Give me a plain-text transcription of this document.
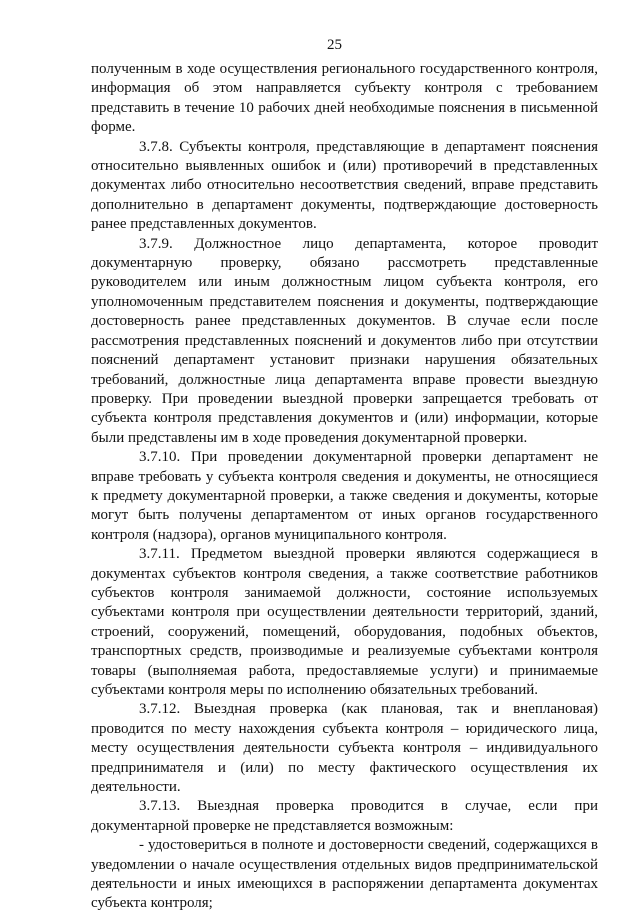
25

полученным в ходе осуществления регионального государственного контроля, информация об этом направляется субъекту контроля с требованием представить в течение 10 рабочих дней необходимые пояснения в письменной форме.

3.7.8. Субъекты контроля, представляющие в департамент пояснения относительно выявленных ошибок и (или) противоречий в представленных документах либо относительно несоответствия сведений, вправе представить дополнительно в департамент документы, подтверждающие достоверность ранее представленных документов.

3.7.9. Должностное лицо департамента, которое проводит документарную проверку, обязано рассмотреть представленные руководителем или иным должностным лицом субъекта контроля, его уполномоченным представителем пояснения и документы, подтверждающие достоверность ранее представленных документов. В случае если после рассмотрения представленных пояснений и документов либо при отсутствии пояснений департамент установит признаки нарушения обязательных требований, должностные лица департамента вправе провести выездную проверку. При проведении выездной проверки запрещается требовать от субъекта контроля представления документов и (или) информации, которые были представлены им в ходе проведения документарной проверки.

3.7.10. При проведении документарной проверки департамент не вправе требовать у субъекта контроля сведения и документы, не относящиеся к предмету документарной проверки, а также сведения и документы, которые могут быть получены департаментом от иных органов государственного контроля (надзора), органов муниципального контроля.

3.7.11. Предметом выездной проверки являются содержащиеся в документах субъектов контроля сведения, а также соответствие работников субъектов контроля занимаемой должности, состояние используемых субъектами контроля при осуществлении деятельности территорий, зданий, строений, сооружений, помещений, оборудования, подобных объектов, транспортных средств, производимые и реализуемые субъектами контроля товары (выполняемая работа, предоставляемые услуги) и принимаемые субъектами контроля меры по исполнению обязательных требований.

3.7.12. Выездная проверка (как плановая, так и внеплановая) проводится по месту нахождения субъекта контроля – юридического лица, месту осуществления деятельности субъекта контроля – индивидуального предпринимателя и (или) по месту фактического осуществления их деятельности.

3.7.13. Выездная проверка проводится в случае, если при документарной проверке не представляется возможным:

- удостовериться в полноте и достоверности сведений, содержащихся в уведомлении о начале осуществления отдельных видов предпринимательской деятельности и иных имеющихся в распоряжении департамента документах субъекта контроля;
